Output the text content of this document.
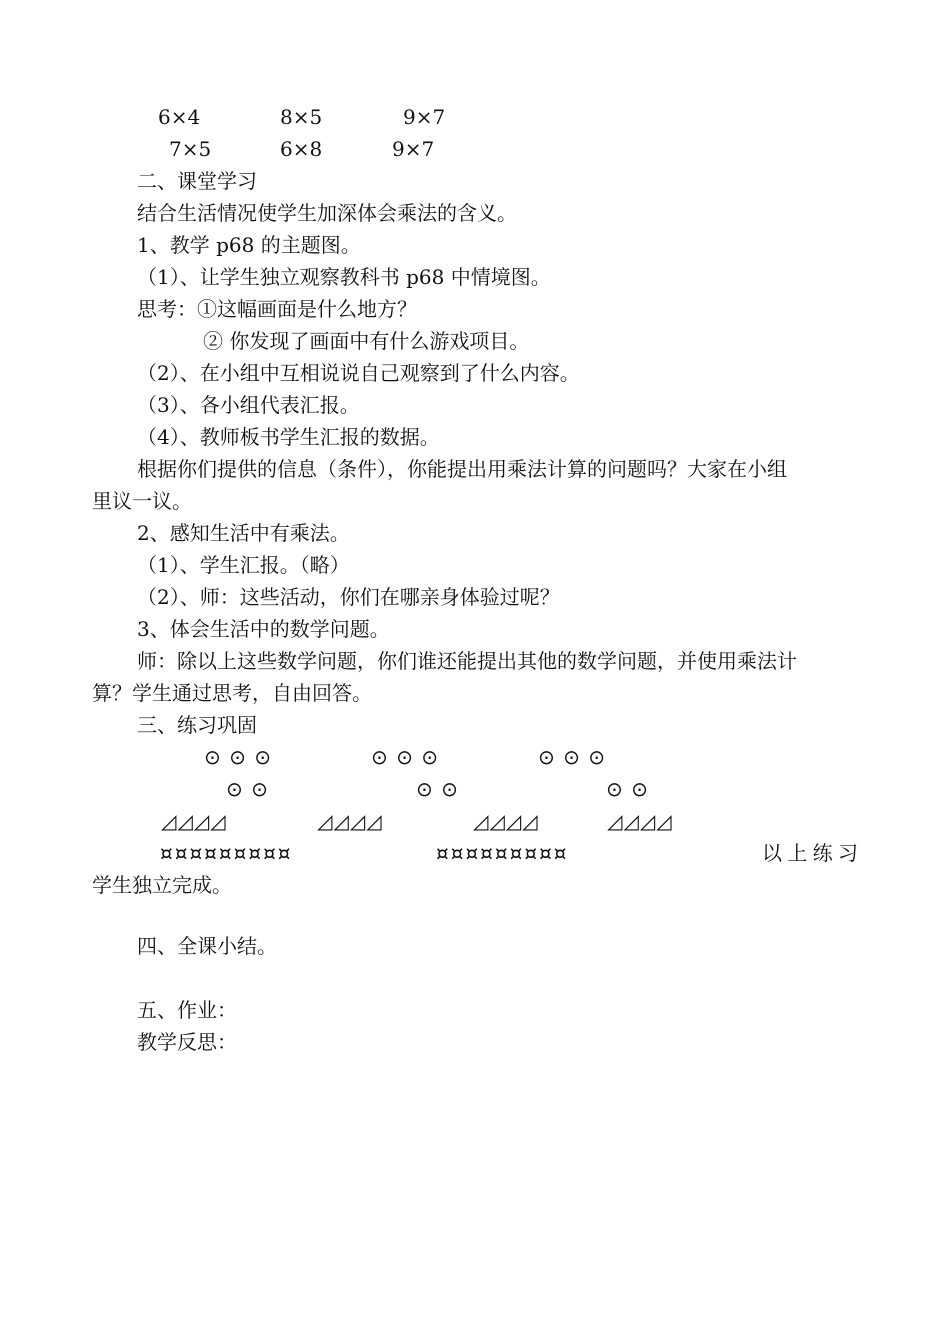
6×4	8×5	9×7
7×5	6×8	9×7
二、课堂学习
结合生活情况使学生加深体会乘法的含义。
1、教学 p68 的主题图。
（1）、让学生独立观察教科书 p68 中情境图。
思考：①这幅画面是什么地方？
② 你发现了画面中有什么游戏项目。
（2）、在小组中互相说说自己观察到了什么内容。
（3）、各小组代表汇报。
（4）、教师板书学生汇报的数据。
根据你们提供的信息（条件），你能提出用乘法计算的问题吗？大家在小组
里议一议。
2、感知生活中有乘法。
（1）、学生汇报。（略）
（2）、师：这些活动，你们在哪亲身体验过呢？
3、体会生活中的数学问题。
师：除以上这些数学问题，你们谁还能提出其他的数学问题，并使用乘法计
算？学生通过思考，自由回答。
三、练习巩固
⊙ ⊙ ⊙	⊙ ⊙ ⊙	⊙ ⊙ ⊙
⊙ ⊙	⊙ ⊙	⊙ ⊙
◿◿◿◿	◿◿◿◿	◿◿◿◿	◿◿◿◿
¤¤¤¤¤¤¤¤¤	¤¤¤¤¤¤¤¤¤	以 上 练 习
学生独立完成。
四、全课小结。
五、作业：
教学反思：
